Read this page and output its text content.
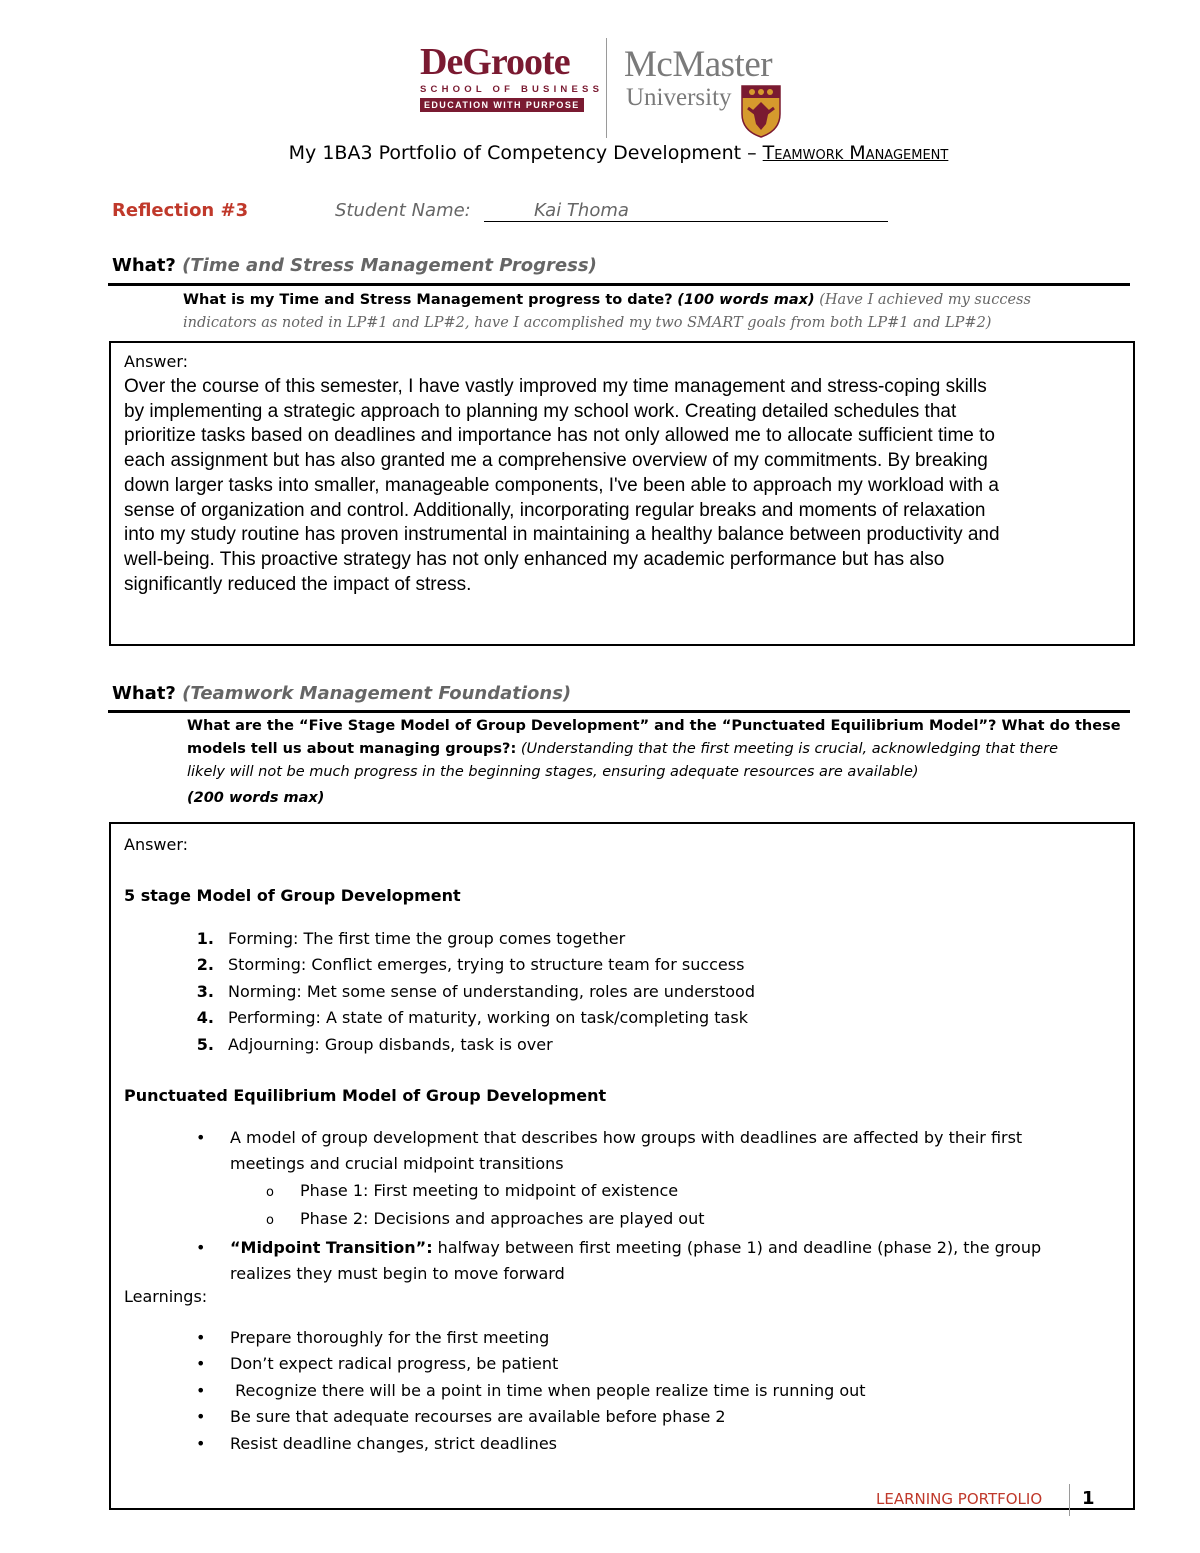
DeGroote
SCHOOL OF BUSINESS
EDUCATION WITH PURPOSE
McMaster
University
My 1BA3 Portfolio of Competency Development – Teamwork Management
Reflection #3	Student Name:	Kai Thoma
What? (Time and Stress Management Progress)
What is my Time and Stress Management progress to date? (100 words max) (Have I achieved my success
indicators as noted in LP#1 and LP#2, have I accomplished my two SMART goals from both LP#1 and LP#2)
Answer:
Over the course of this semester, I have vastly improved my time management and stress-coping skills
by implementing a strategic approach to planning my school work. Creating detailed schedules that
prioritize tasks based on deadlines and importance has not only allowed me to allocate sufficient time to
each assignment but has also granted me a comprehensive overview of my commitments. By breaking
down larger tasks into smaller, manageable components, I've been able to approach my workload with a
sense of organization and control. Additionally, incorporating regular breaks and moments of relaxation
into my study routine has proven instrumental in maintaining a healthy balance between productivity and
well-being. This proactive strategy has not only enhanced my academic performance but has also
significantly reduced the impact of stress.
What? (Teamwork Management Foundations)
What are the “Five Stage Model of Group Development” and the “Punctuated Equilibrium Model”? What do these
models tell us about managing groups?: (Understanding that the first meeting is crucial, acknowledging that there
likely will not be much progress in the beginning stages, ensuring adequate resources are available)
(200 words max)
Answer:
5 stage Model of Group Development
1. Forming: The first time the group comes together
2. Storming: Conflict emerges, trying to structure team for success
3. Norming: Met some sense of understanding, roles are understood
4. Performing: A state of maturity, working on task/completing task
5. Adjourning: Group disbands, task is over
Punctuated Equilibrium Model of Group Development
• A model of group development that describes how groups with deadlines are affected by their first
meetings and crucial midpoint transitions
o Phase 1: First meeting to midpoint of existence
o Phase 2: Decisions and approaches are played out
• “Midpoint Transition”: halfway between first meeting (phase 1) and deadline (phase 2), the group
realizes they must begin to move forward
Learnings:
• Prepare thoroughly for the first meeting
• Don’t expect radical progress, be patient
• Recognize there will be a point in time when people realize time is running out
• Be sure that adequate recourses are available before phase 2
• Resist deadline changes, strict deadlines
LEARNING PORTFOLIO 1
